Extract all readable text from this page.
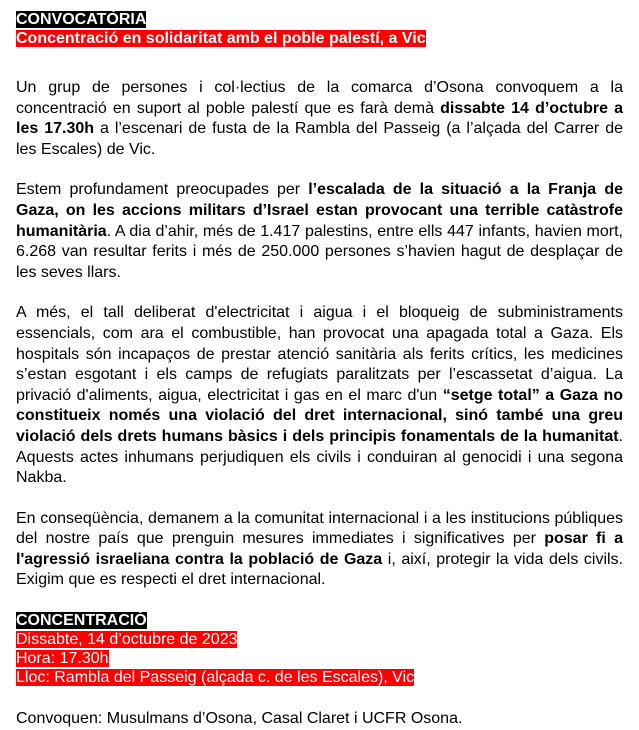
CONVOCATÒRIA

Concentració en solidaritat amb el poble palestí, a Vic

Un grup de persones i col·lectius de la comarca d’Osona convoquem a la concentració en suport al poble palestí que es farà demà dissabte 14 d’octubre a les 17.30h a l’escenari de fusta de la Rambla del Passeig (a l’alçada del Carrer de les Escales) de Vic.

Estem profundament preocupades per l’escalada de la situació a la Franja de Gaza, on les accions militars d’Israel estan provocant una terrible catàstrofe humanitària. A dia d’ahir, més de 1.417 palestins, entre ells 447 infants, havien mort, 6.268 van resultar ferits i més de 250.000 persones s’havien hagut de desplaçar de les seves llars.

A més, el tall deliberat d'electricitat i aigua i el bloqueig de subministraments essencials, com ara el combustible, han provocat una apagada total a Gaza. Els hospitals són incapaços de prestar atenció sanitària als ferits crítics, les medicines s’estan esgotant i els camps de refugiats paralitzats per l’escassetat d’aigua. La privació d'aliments, aigua, electricitat i gas en el marc d'un “setge total” a Gaza no constitueix només una violació del dret internacional, sinó també una greu violació dels drets humans bàsics i dels principis fonamentals de la humanitat. Aquests actes inhumans perjudiquen els civils i conduiran al genocidi i una segona Nakba.

En conseqüència, demanem a la comunitat internacional i a les institucions públiques del nostre país que prenguin mesures immediates i significatives per posar fi a l'agressió israeliana contra la població de Gaza i, així, protegir la vida dels civils. Exigim que es respecti el dret internacional.

CONCENTRACIÓ

Dissabte, 14 d’octubre de 2023

Hora: 17.30h

Lloc: Rambla del Passeig (alçada c. de les Escales), Vic

Convoquen: Musulmans d’Osona, Casal Claret i UCFR Osona.
